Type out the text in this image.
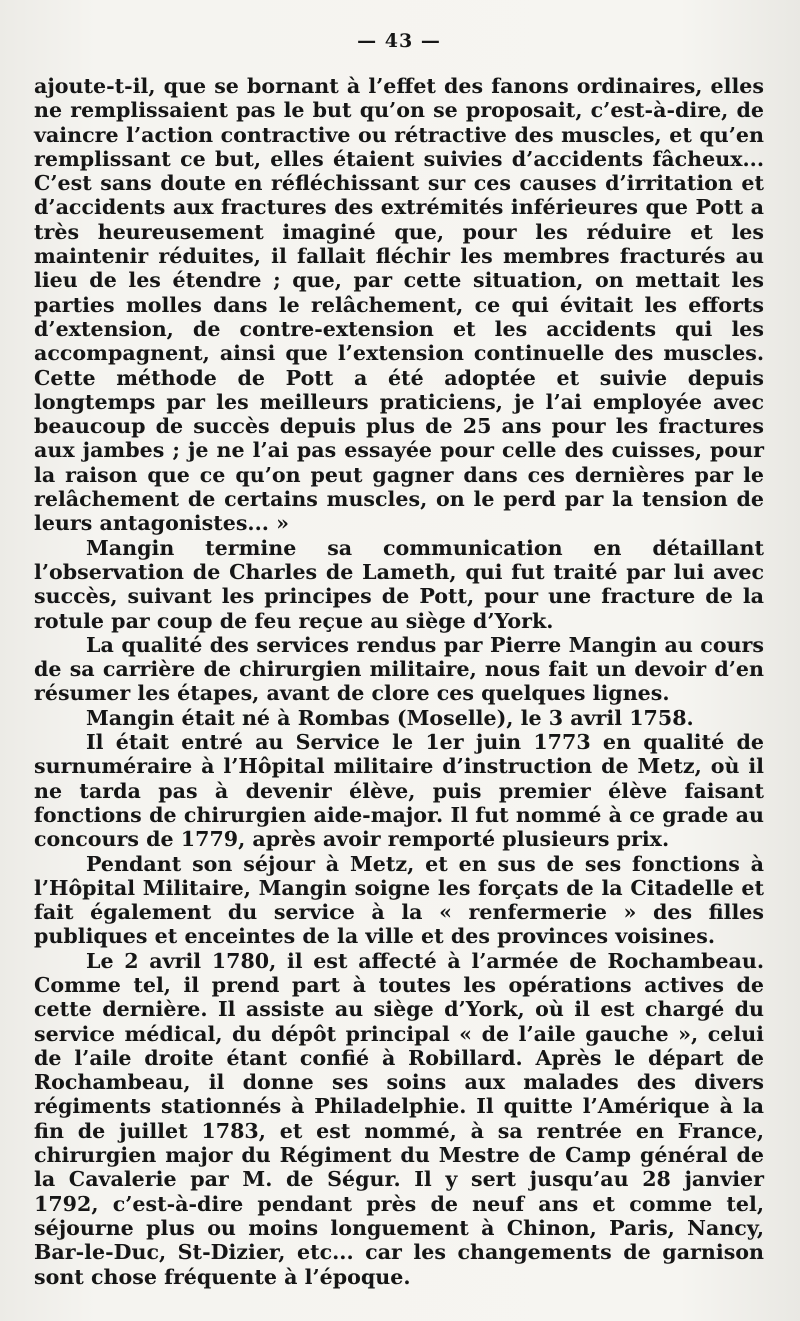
— 43 —

ajoute-t-il, que se bornant à l’effet des fanons ordinaires, elles ne remplissaient pas le but qu’on se proposait, c’est-à-dire, de vaincre l’action contractive ou rétractive des muscles, et qu’en remplissant ce but, elles étaient suivies d’accidents fâcheux... C’est sans doute en réfléchissant sur ces causes d’irritation et d’accidents aux fractures des extrémités inférieures que Pott a très heureusement imaginé que, pour les réduire et les maintenir réduites, il fallait fléchir les membres fracturés au lieu de les étendre ; que, par cette situation, on mettait les parties molles dans le relâchement, ce qui évitait les efforts d’extension, de contre-extension et les accidents qui les accompagnent, ainsi que l’extension continuelle des muscles. Cette méthode de Pott a été adoptée et suivie depuis longtemps par les meilleurs praticiens, je l’ai employée avec beaucoup de succès depuis plus de 25 ans pour les fractures aux jambes ; je ne l’ai pas essayée pour celle des cuisses, pour la raison que ce qu’on peut gagner dans ces dernières par le relâchement de certains muscles, on le perd par la tension de leurs antagonistes... »

Mangin termine sa communication en détaillant l’observation de Charles de Lameth, qui fut traité par lui avec succès, suivant les principes de Pott, pour une fracture de la rotule par coup de feu reçue au siège d’York.

La qualité des services rendus par Pierre Mangin au cours de sa carrière de chirurgien militaire, nous fait un devoir d’en résumer les étapes, avant de clore ces quelques lignes.

Mangin était né à Rombas (Moselle), le 3 avril 1758.

Il était entré au Service le 1er juin 1773 en qualité de surnuméraire à l’Hôpital militaire d’instruction de Metz, où il ne tarda pas à devenir élève, puis premier élève faisant fonctions de chirurgien aide-major. Il fut nommé à ce grade au concours de 1779, après avoir remporté plusieurs prix.

Pendant son séjour à Metz, et en sus de ses fonctions à l’Hôpital Militaire, Mangin soigne les forçats de la Citadelle et fait également du service à la « renfermerie » des filles publiques et enceintes de la ville et des provinces voisines.

Le 2 avril 1780, il est affecté à l’armée de Rochambeau. Comme tel, il prend part à toutes les opérations actives de cette dernière. Il assiste au siège d’York, où il est chargé du service médical, du dépôt principal « de l’aile gauche », celui de l’aile droite étant confié à Robillard. Après le départ de Rochambeau, il donne ses soins aux malades des divers régiments stationnés à Philadelphie. Il quitte l’Amérique à la fin de juillet 1783, et est nommé, à sa rentrée en France, chirurgien major du Régiment du Mestre de Camp général de la Cavalerie par M. de Ségur. Il y sert jusqu’au 28 janvier 1792, c’est-à-dire pendant près de neuf ans et comme tel, séjourne plus ou moins longuement à Chinon, Paris, Nancy, Bar-le-Duc, St-Dizier, etc... car les changements de garnison sont chose fréquente à l’époque.
